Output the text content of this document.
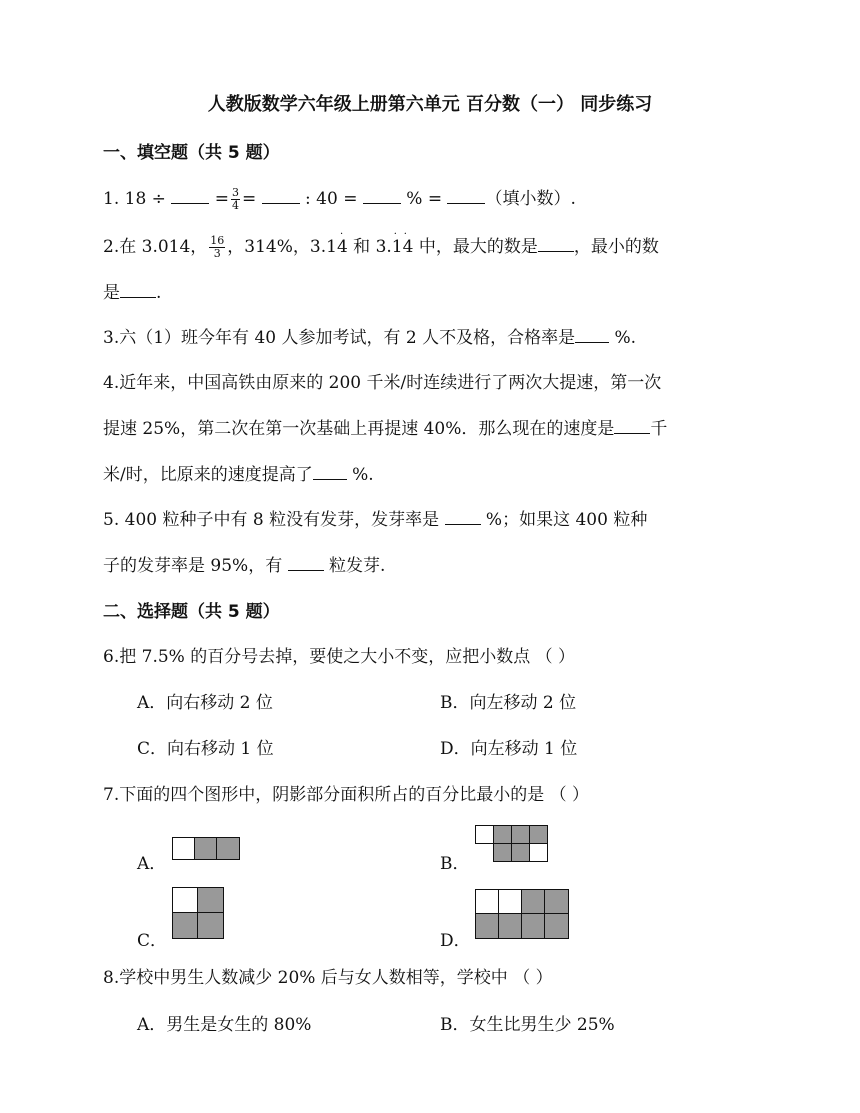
人教版数学六年级上册第六单元 百分数（一） 同步练习
一、填空题（共 5 题）
1. 18 ÷	= $\frac{3}{4}$ =	: 40 =	% =	（填小数）.
2.在 3.014， $\frac{16}{3}$ ，314%，3.1
·
4 和 3.
· ·
14 中，最大的数是 ，最小的数
是 .
3.六（1）班今年有 40 人参加考试，有 2 人不及格，合格率是 %.
4.近年来，中国高铁由原来的 200 千米/时连续进行了两次大提速，第一次
提速 25%，第二次在第一次基础上再提速 40%．那么现在的速度是 千
米/时，比原来的速度提高了 %.
5. 400 粒种子中有 8 粒没有发芽，发芽率是  %；如果这 400 粒种
子的发芽率是 95%，有  粒发芽.
二、选择题（共 5 题）
6.把 7.5% 的百分号去掉，要使之大小不变，应把小数点 （ ）
A．向右移动 2 位	B．向左移动 2 位
C．向右移动 1 位	D．向左移动 1 位
7.下面的四个图形中，阴影部分面积所占的百分比最小的是 （ ）
A．	B．
C．	D．
8.学校中男生人数减少 20% 后与女人数相等，学校中 （ ）
A．男生是女生的 80%	B．女生比男生少 25%
